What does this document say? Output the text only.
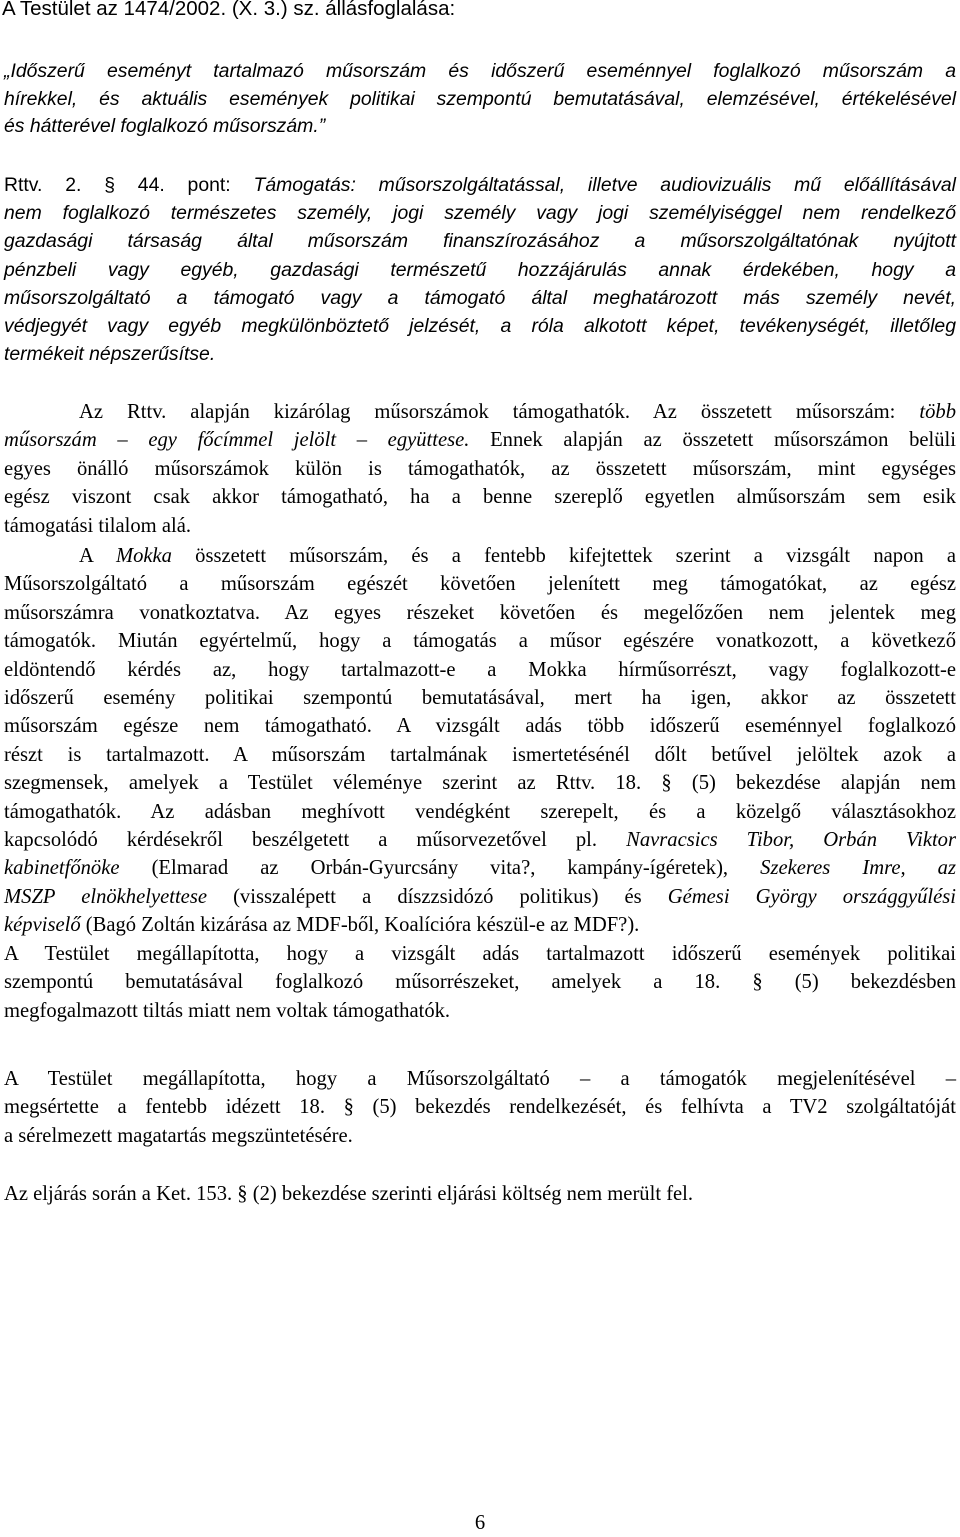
A Testület az 1474/2002. (X. 3.) sz. állásfoglalása:
„Időszerű eseményt tartalmazó műsorszám és időszerű eseménnyel foglalkozó műsorszám a
hírekkel, és aktuális események politikai szempontú bemutatásával, elemzésével, értékelésével
és hátterével foglalkozó műsorszám.”
Rttv. 2. § 44. pont: Támogatás: műsorszolgáltatással, illetve audiovizuális mű előállításával
nem foglalkozó természetes személy, jogi személy vagy jogi személyiséggel nem rendelkező
gazdasági társaság által műsorszám finanszírozásához a műsorszolgáltatónak nyújtott
pénzbeli vagy egyéb, gazdasági természetű hozzájárulás annak érdekében, hogy a
műsorszolgáltató a támogató vagy a támogató által meghatározott más személy nevét,
védjegyét vagy egyéb megkülönböztető jelzését, a róla alkotott képet, tevékenységét, illetőleg
termékeit népszerűsítse.
Az Rttv. alapján kizárólag műsorszámok támogathatók. Az összetett műsorszám: több
műsorszám – egy főcímmel jelölt – együttese. Ennek alapján az összetett műsorszámon belüli
egyes önálló műsorszámok külön is támogathatók, az összetett műsorszám, mint egységes
egész viszont csak akkor támogatható, ha a benne szereplő egyetlen alműsorszám sem esik
támogatási tilalom alá.
A Mokka összetett műsorszám, és a fentebb kifejtettek szerint a vizsgált napon a
Műsorszolgáltató a műsorszám egészét követően jelenített meg támogatókat, az egész
műsorszámra vonatkoztatva. Az egyes részeket követően és megelőzően nem jelentek meg
támogatók. Miután egyértelmű, hogy a támogatás a műsor egészére vonatkozott, a következő
eldöntendő kérdés az, hogy tartalmazott-e a Mokka hírműsorrészt, vagy foglalkozott-e
időszerű esemény politikai szempontú bemutatásával, mert ha igen, akkor az összetett
műsorszám egésze nem támogatható. A vizsgált adás több időszerű eseménnyel foglalkozó
részt is tartalmazott. A műsorszám tartalmának ismertetésénél dőlt betűvel jelöltek azok a
szegmensek, amelyek a Testület véleménye szerint az Rttv. 18. § (5) bekezdése alapján nem
támogathatók. Az adásban meghívott vendégként szerepelt, és a közelgő választásokhoz
kapcsolódó kérdésekről beszélgetett a műsorvezetővel pl. Navracsics Tibor, Orbán Viktor
kabinetfőnöke (Elmarad az Orbán-Gyurcsány vita?, kampány-ígéretek), Szekeres Imre, az
MSZP elnökhelyettese (visszalépett a díszzsidózó politikus) és Gémesi György országgyűlési
képviselő (Bagó Zoltán kizárása az MDF-ből, Koalícióra készül-e az MDF?).
A Testület megállapította, hogy a vizsgált adás tartalmazott időszerű események politikai
szempontú bemutatásával foglalkozó műsorrészeket, amelyek a 18. § (5) bekezdésben
megfogalmazott tiltás miatt nem voltak támogathatók.
A Testület megállapította, hogy a Műsorszolgáltató – a támogatók megjelenítésével –
megsértette a fentebb idézett 18. § (5) bekezdés rendelkezését, és felhívta a TV2 szolgáltatóját
a sérelmezett magatartás megszüntetésére.
Az eljárás során a Ket. 153. § (2) bekezdése szerinti eljárási költség nem merült fel.
6
